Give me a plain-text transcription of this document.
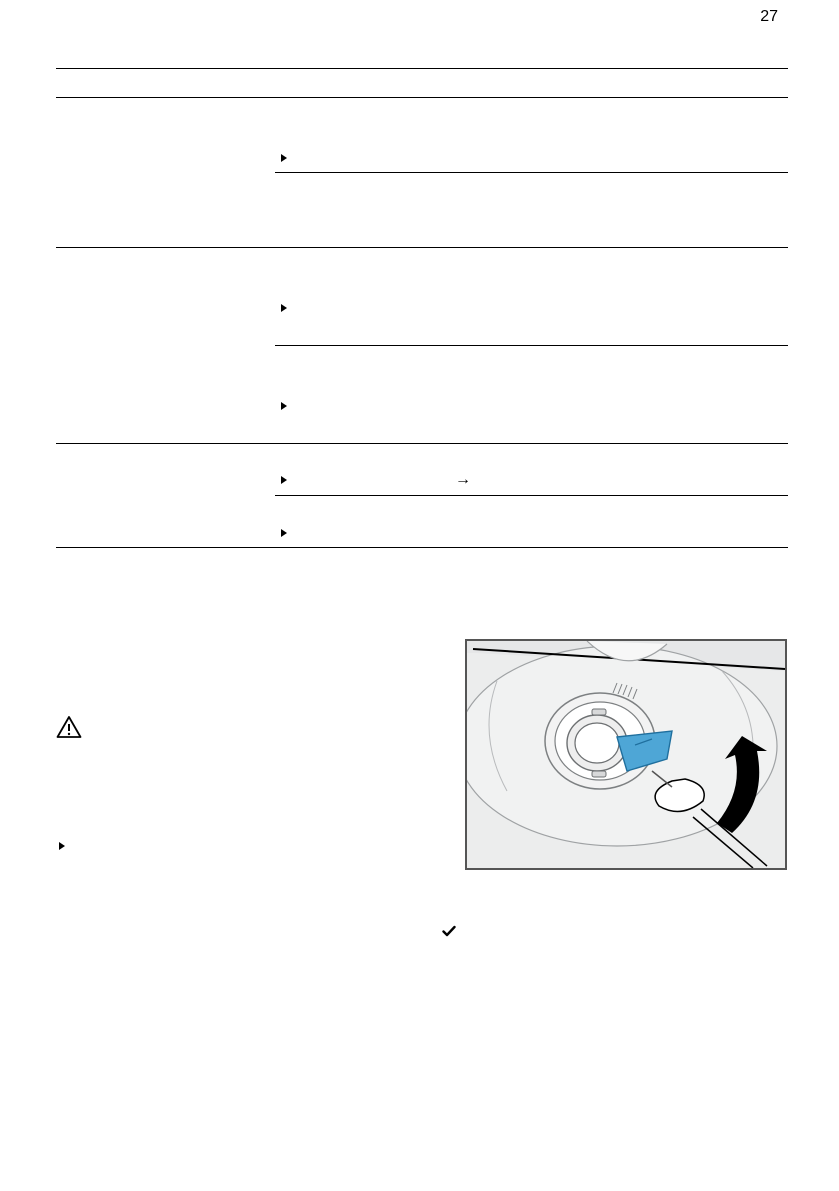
27
→
